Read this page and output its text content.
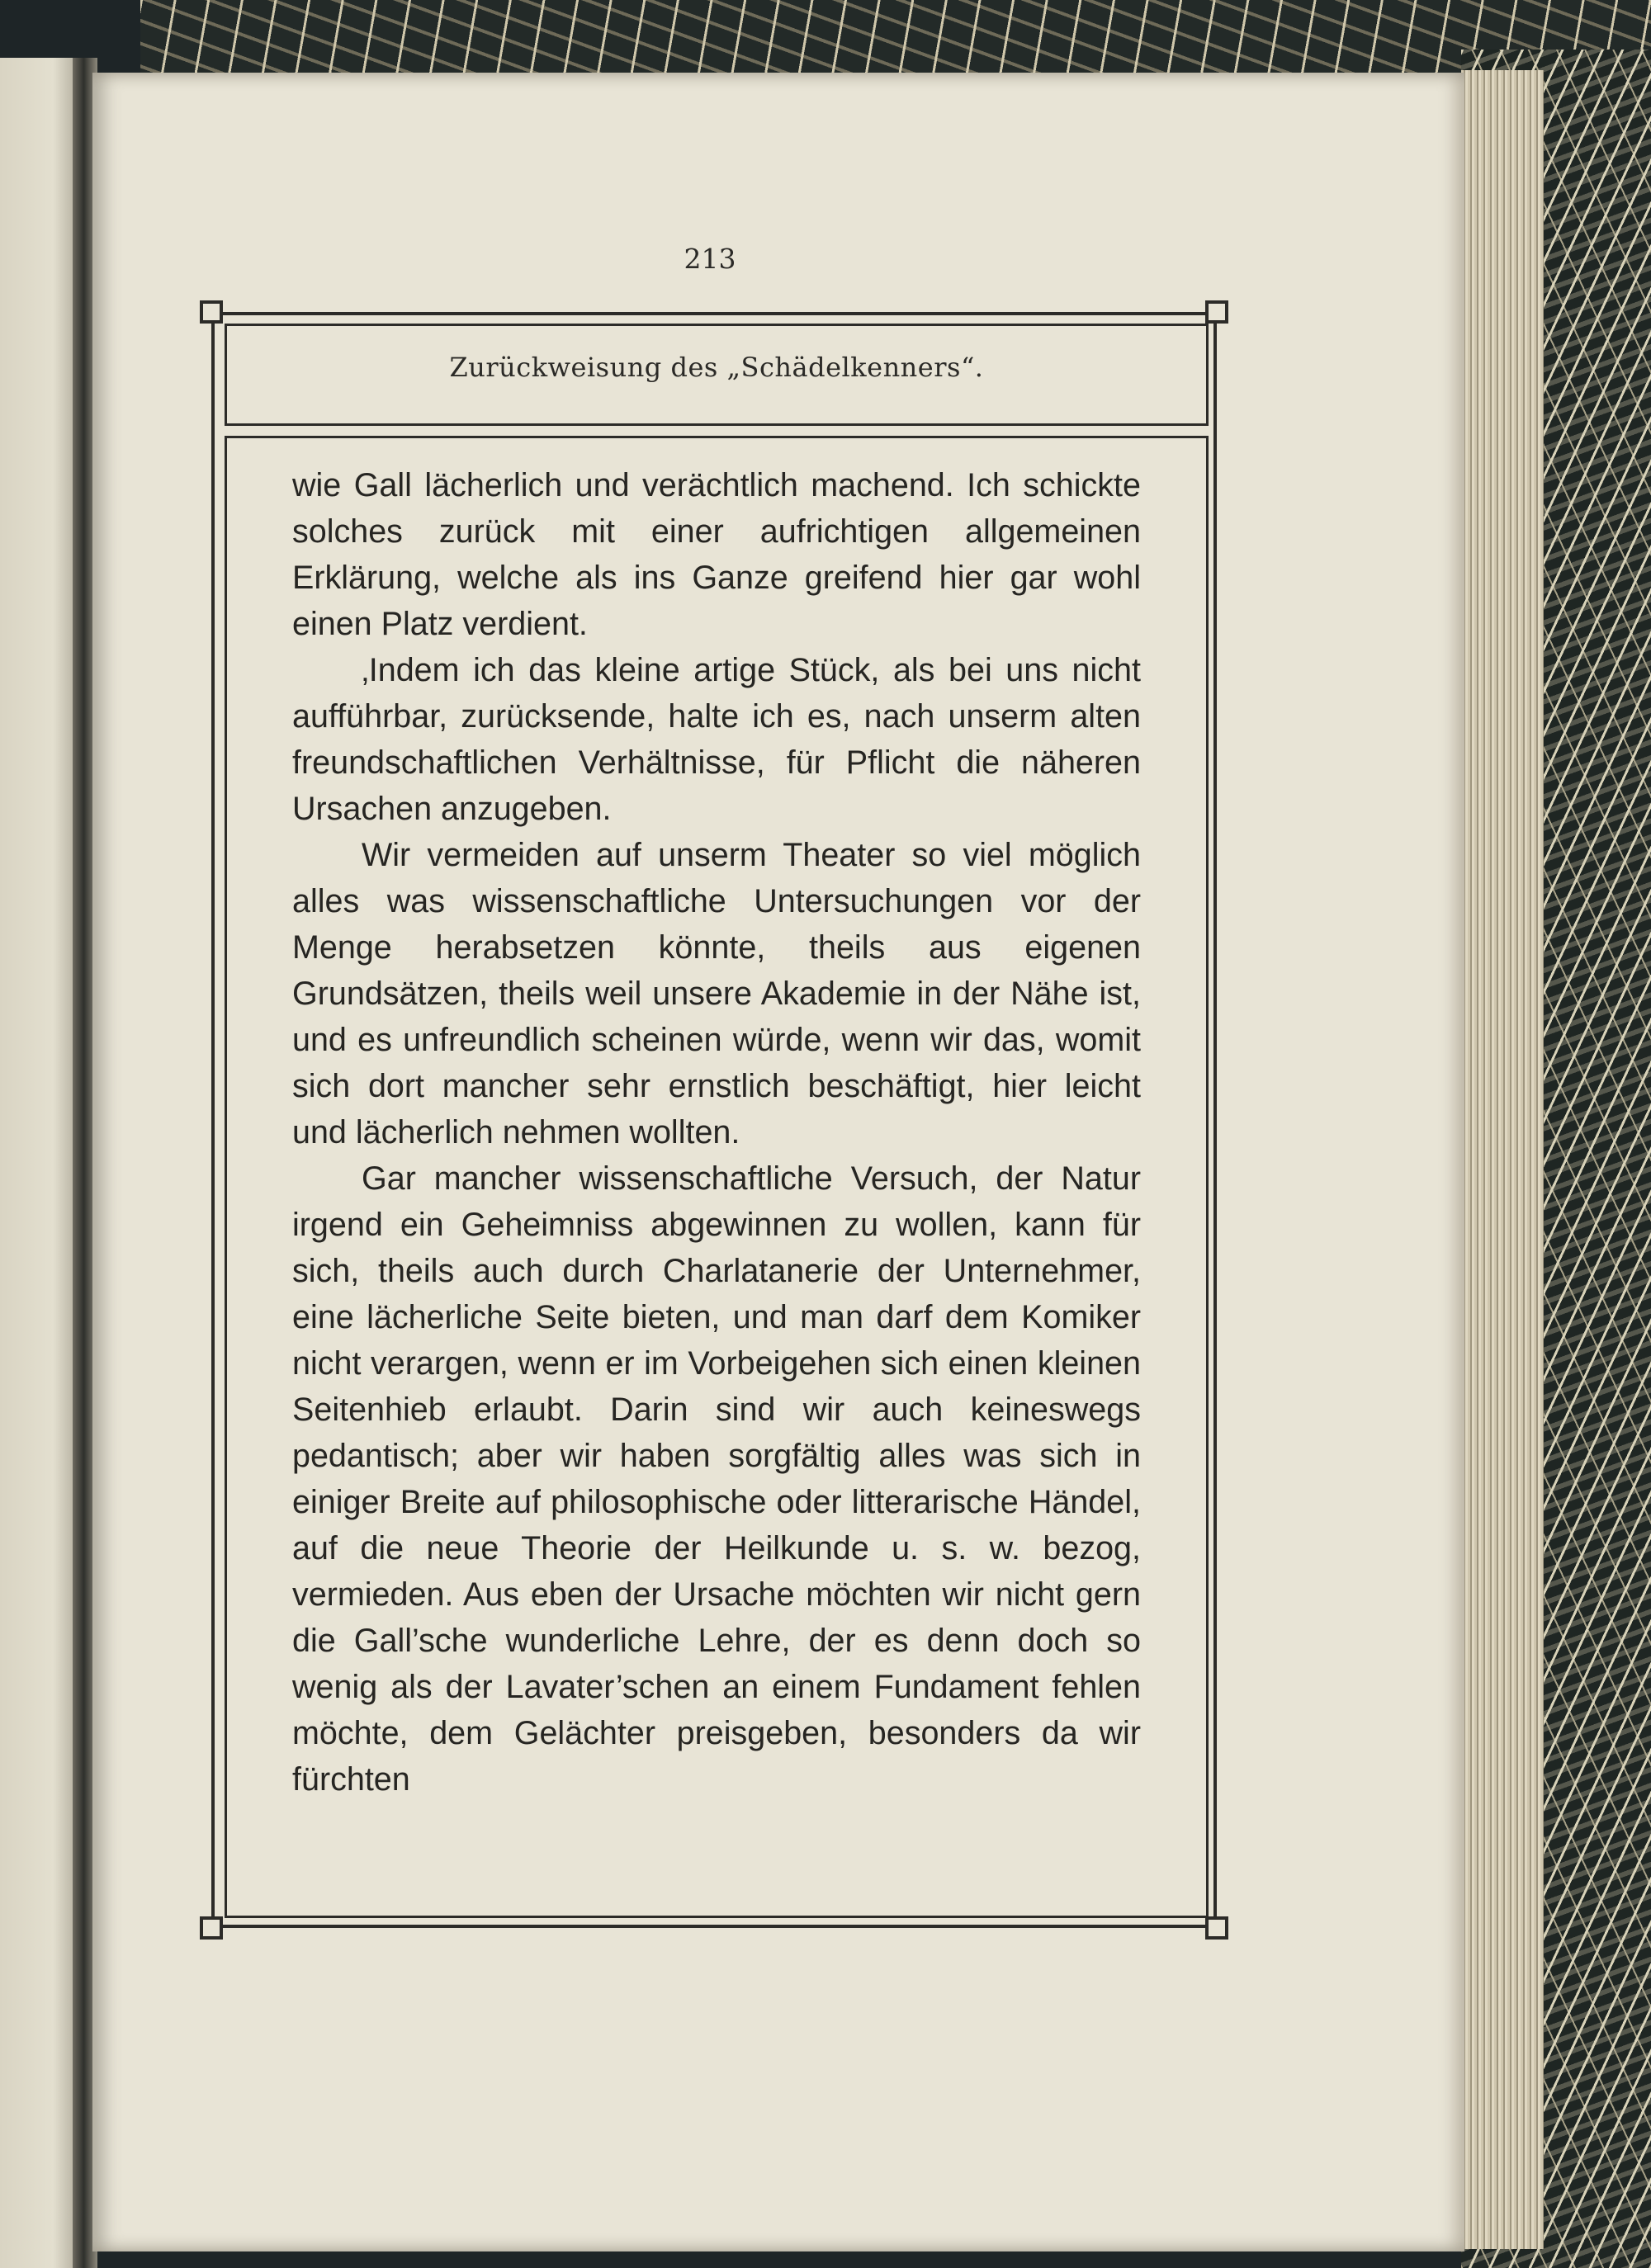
213
Zurückweisung des „Schädelkenners“.

wie Gall lächerlich und verächtlich machend. Ich schickte solches zurück mit einer aufrichtigen allgemeinen Erklärung, welche als ins Ganze greifend hier gar wohl einen Platz verdient.

‚Indem ich das kleine artige Stück, als bei uns nicht aufführbar, zurücksende, halte ich es, nach unserm alten freundschaftlichen Verhältnisse, für Pflicht die näheren Ursachen anzugeben.

Wir vermeiden auf unserm Theater so viel möglich alles was wissenschaftliche Untersuchungen vor der Menge herabsetzen könnte, theils aus eigenen Grundsätzen, theils weil unsere Akademie in der Nähe ist, und es unfreundlich scheinen würde, wenn wir das, womit sich dort mancher sehr ernstlich beschäftigt, hier leicht und lächerlich nehmen wollten.

Gar mancher wissenschaftliche Versuch, der Natur irgend ein Geheimniss abgewinnen zu wollen, kann für sich, theils auch durch Charlatanerie der Unternehmer, eine lächerliche Seite bieten, und man darf dem Komiker nicht verargen, wenn er im Vorbeigehen sich einen kleinen Seitenhieb erlaubt. Darin sind wir auch keineswegs pedantisch; aber wir haben sorgfältig alles was sich in einiger Breite auf philosophische oder litterarische Händel, auf die neue Theorie der Heilkunde u. s. w. bezog, vermieden. Aus eben der Ursache möchten wir nicht gern die Gall’sche wunderliche Lehre, der es denn doch so wenig als der Lavater’schen an einem Fundament fehlen möchte, dem Gelächter preisgeben, besonders da wir fürchten
